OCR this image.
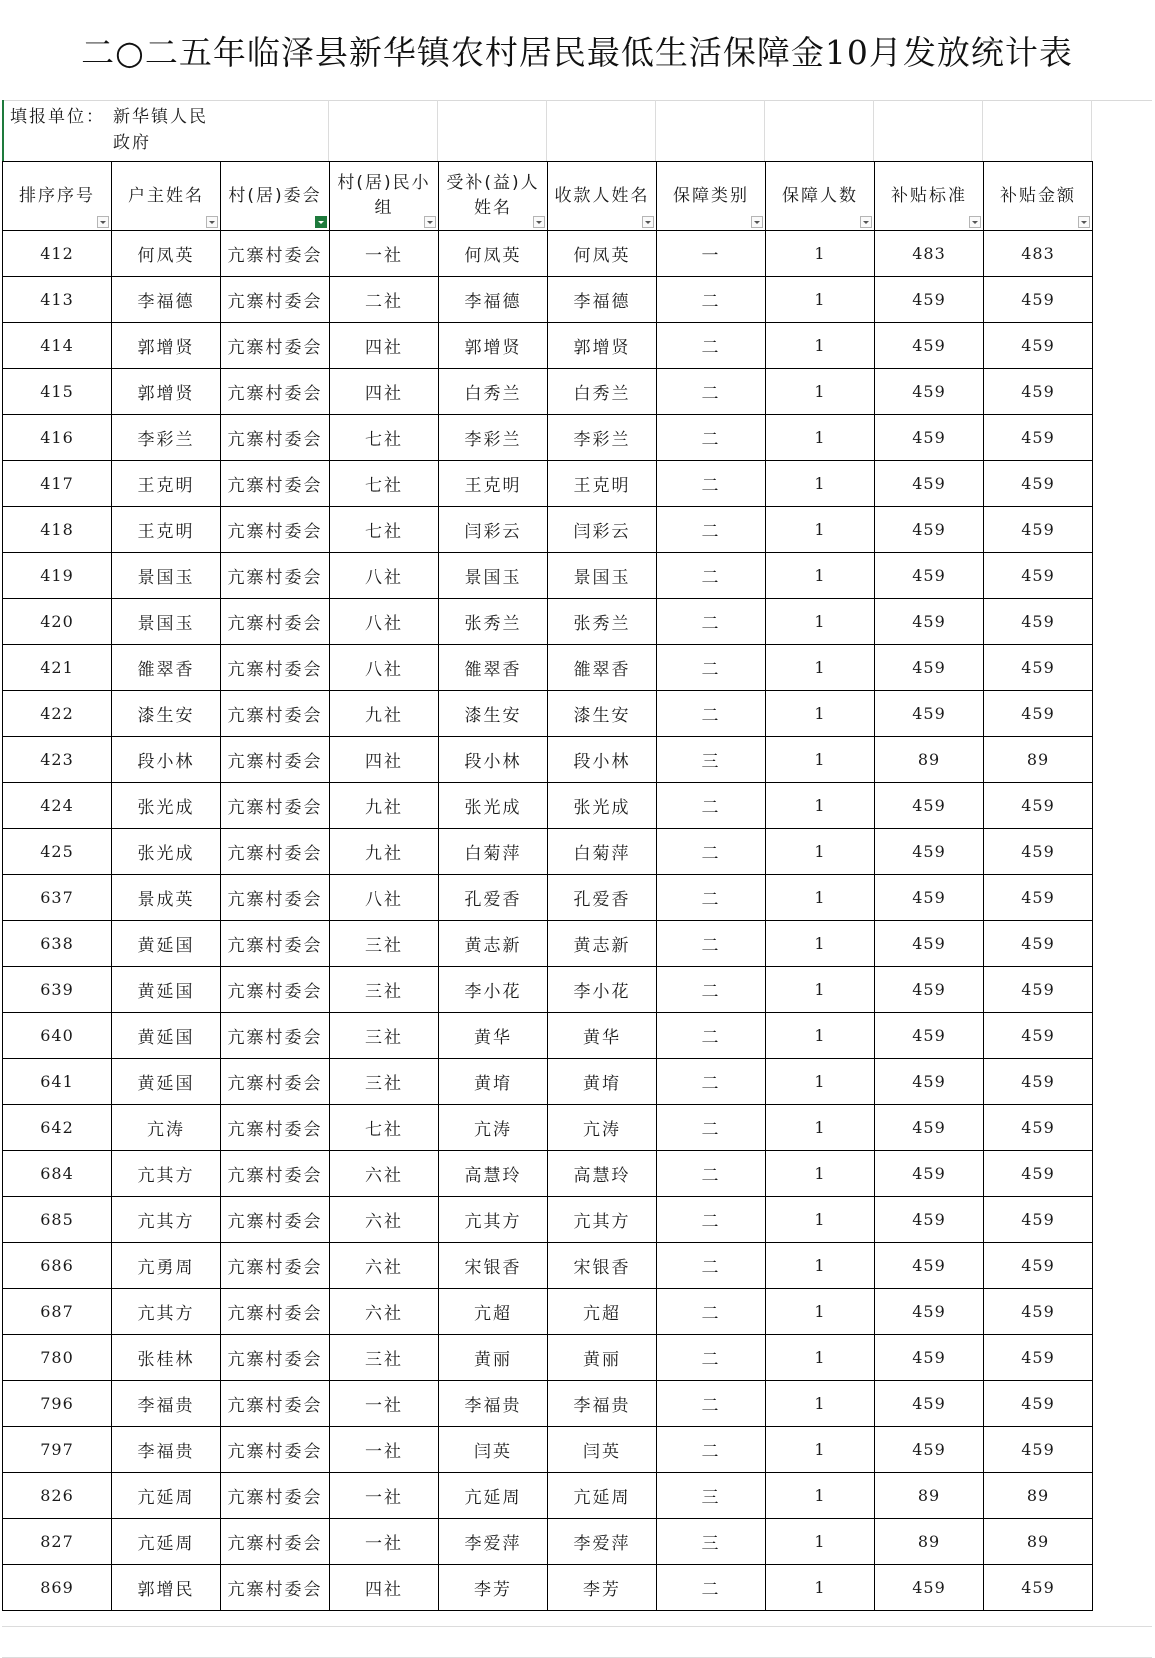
二○二五年临泽县新华镇农村居民最低生活保障金10月发放统计表
填报单位： 新华镇人民政府
排序序号	户主姓名	村(居)委会	村(居)民小组	受补(益)人姓名	收款人姓名	保障类别	保障人数	补贴标准	补贴金额

412	何凤英	亢寨村委会	一社	何凤英	何凤英	一	1	483	483
413	李福德	亢寨村委会	二社	李福德	李福德	二	1	459	459
414	郭增贤	亢寨村委会	四社	郭增贤	郭增贤	二	1	459	459
415	郭增贤	亢寨村委会	四社	白秀兰	白秀兰	二	1	459	459
416	李彩兰	亢寨村委会	七社	李彩兰	李彩兰	二	1	459	459
417	王克明	亢寨村委会	七社	王克明	王克明	二	1	459	459
418	王克明	亢寨村委会	七社	闫彩云	闫彩云	二	1	459	459
419	景国玉	亢寨村委会	八社	景国玉	景国玉	二	1	459	459
420	景国玉	亢寨村委会	八社	张秀兰	张秀兰	二	1	459	459
421	雒翠香	亢寨村委会	八社	雒翠香	雒翠香	二	1	459	459
422	漆生安	亢寨村委会	九社	漆生安	漆生安	二	1	459	459
423	段小林	亢寨村委会	四社	段小林	段小林	三	1	89	89
424	张光成	亢寨村委会	九社	张光成	张光成	二	1	459	459
425	张光成	亢寨村委会	九社	白菊萍	白菊萍	二	1	459	459
637	景成英	亢寨村委会	八社	孔爱香	孔爱香	二	1	459	459
638	黄延国	亢寨村委会	三社	黄志新	黄志新	二	1	459	459
639	黄延国	亢寨村委会	三社	李小花	李小花	二	1	459	459
640	黄延国	亢寨村委会	三社	黄华	黄华	二	1	459	459
641	黄延国	亢寨村委会	三社	黄堉	黄堉	二	1	459	459
642	亢涛	亢寨村委会	七社	亢涛	亢涛	二	1	459	459
684	亢其方	亢寨村委会	六社	高慧玲	高慧玲	二	1	459	459
685	亢其方	亢寨村委会	六社	亢其方	亢其方	二	1	459	459
686	亢勇周	亢寨村委会	六社	宋银香	宋银香	二	1	459	459
687	亢其方	亢寨村委会	六社	亢超	亢超	二	1	459	459
780	张桂林	亢寨村委会	三社	黄丽	黄丽	二	1	459	459
796	李福贵	亢寨村委会	一社	李福贵	李福贵	二	1	459	459
797	李福贵	亢寨村委会	一社	闫英	闫英	二	1	459	459
826	亢延周	亢寨村委会	一社	亢延周	亢延周	三	1	89	89
827	亢延周	亢寨村委会	一社	李爱萍	李爱萍	三	1	89	89
869	郭增民	亢寨村委会	四社	李芳	李芳	二	1	459	459
